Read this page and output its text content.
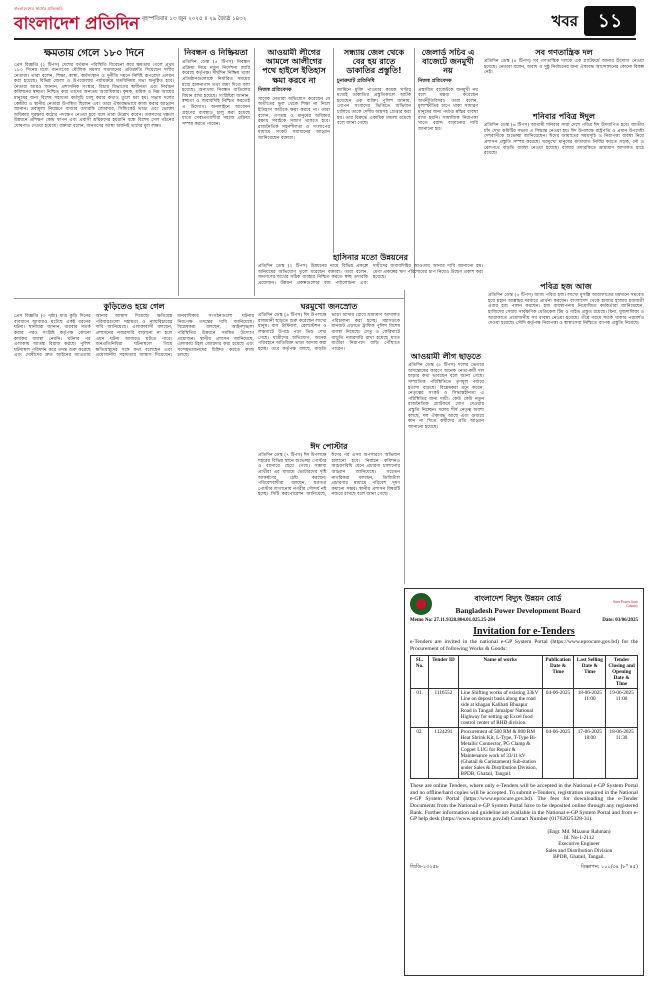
বাংলাদেশের স্বার্থের প্রতিচ্ছবি
বাংলাদেশ প্রতিদিন বৃহস্পতিবার ১৩ জুন ২০২৫ ॥ ২৯ জ্যৈষ্ঠ ১৪৩২	খবর	১১
ক্ষমতায় গেলে ১৮০ দিনে
প্রেস বিজ্ঞপ্তি (২ টিপস) দেশের বর্তমান পরিস্থিতি বিবেচনা করে ক্ষমতায় গেলে প্রথম ১৮০ দিনের মধ্যে জনগণের মৌলিক সমস্যা সমাধানের প্রতিশ্রুতি দিয়েছেন দলীয় নেতারা। তারা বলেন, শিক্ষা, স্বাস্থ্য, কর্মসংস্থান ও দুর্নীতি দমনে নির্দিষ্ট রূপরেখা প্রণয়ন করা হয়েছে। বিভিন্ন জেলা ও উপজেলায় পর্যায়ক্রমে মতবিনিময় সভা অনুষ্ঠিত হবে। নেতারা আরও জানান, প্রশাসনিক সংস্কার, বিচার বিভাগের স্বাধীনতা এবং নির্বাচন কমিশনের স্বচ্ছতা নিশ্চিত করা তাদের অন্যতম অগ্রাধিকার। কৃষক, শ্রমিক ও নিম্ন আয়ের মানুষের জন্য বিশেষ সহায়তা কর্মসূচি চালু করার কথাও তুলে ধরা হয়। সভায় দলের কেন্দ্রীয় ও স্থানীয় নেতারা উপস্থিত ছিলেন এবং তারা ঐক্যবদ্ধভাবে কাজ করার আহ্বান জানান। দ্রব্যমূল্য নিয়ন্ত্রণে বাজার তদারকি জোরদার, সিন্ডিকেট ভাঙা এবং ভোক্তা অধিকার সুরক্ষায় কঠোর পদক্ষেপ নেওয়া হবে বলে তারা উল্লেখ করেন। তরুণদের দক্ষতা উন্নয়নে প্রশিক্ষণ কেন্দ্র স্থাপন এবং প্রবাসী শ্রমিকদের হয়রানি বন্ধে বিশেষ সেল গঠনের ঘোষণাও দেওয়া হয়েছে। বক্তারা বলেন, জনগণের আস্থা অর্জনই তাদের মূল লক্ষ্য।
নিবন্ধন ও নিষ্ক্রিয়তা
প্রতিদিন ডেস্ক (৫ টিপস) নিবন্ধন প্রক্রিয়া নিয়ে নতুন নির্দেশনা জারি করেছে কর্তৃপক্ষ। দীর্ঘদিন নিষ্ক্রিয় থাকা প্রতিষ্ঠানগুলোকে নির্ধারিত সময়ের মধ্যে হালনাগাদ তথ্য জমা দিতে বলা হয়েছে। অন্যথায় নিবন্ধন বাতিলের বিধান রাখা হয়েছে। সংশ্লিষ্টরা জানান, স্বচ্ছতা ও জবাবদিহি নিশ্চিত করতেই এ উদ্যোগ। অনলাইনে আবেদন গ্রহণের ব্যবস্থাও চালু করা হয়েছে যাতে সেবাপ্রত্যাশীরা সহজে প্রক্রিয়া সম্পন্ন করতে পারেন।
আওয়ামী লীগের আমলে আলীগের পথে হাইলে ইতিহাস ক্ষমা করবে না
নিজস্ব প্রতিবেদক
সাবেক নেতারা অভিযোগ করেছেন যে অতীতের ভুল থেকে শিক্ষা না নিলে ইতিহাস কাউকে ক্ষমা করবে না। তারা বলেন, গণতন্ত্র ও মানুষের অধিকার রক্ষায় সবাইকে সজাগ থাকতে হবে। রাজনৈতিক সহনশীলতা ও সংলাপের মাধ্যমে সংকট সমাধানের আহ্বান জানিয়েছেন বক্তারা।
সন্ধ্যায় জেল থেকে বের হয় রাতে ডাকাতির প্রস্তুতি!
চুনারুঘাট প্রতিনিধি
জামিনে মুক্তি পাওয়ার কয়েক ঘণ্টার মধ্যেই ডাকাতির প্রস্তুতিকালে আটক হয়েছেন এক ব্যক্তি। পুলিশ জানায়, গোপন সংবাদের ভিত্তিতে অভিযান চালিয়ে তাকে দেশীয় অস্ত্রসহ গ্রেপ্তার করা হয়। তার বিরুদ্ধে একাধিক মামলা রয়েছে বলে জানা গেছে।
জেলার্ড সচিব এ বাজেটে জনমুখী নয়
নিজস্ব প্রতিবেদক
প্রস্তাবিত বাজেটকে জনমুখী নয় বলে মন্তব্য করেছেন অর্থনীতিবিদরা। তারা বলেন, মূল্যস্ফীতির চাপে থাকা সাধারণ মানুষের জন্য পর্যাপ্ত স্বস্তির ব্যবস্থা রাখা হয়নি। সামাজিক নিরাপত্তা খাতে বরাদ্দ বাড়ানোর দাবি জানানো হয়।
সব গণতান্ত্রিক দল
প্রতিদিন ডেস্ক (৪ টিপস) সব গণতান্ত্রিক দলকে এক প্ল্যাটফর্মে আনার উদ্যোগ নেওয়া হয়েছে। নেতারা বলেন, অবাধ ও সুষ্ঠু নির্বাচনের জন্য ঐক্যবদ্ধ আন্দোলনের কোনো বিকল্প নেই।
শনিবার পবিত্র ঈদুল
প্রতিদিন ডেস্ক (৬ টিপস) আগামী শনিবার সারা দেশে পবিত্র ঈদ উদযাপিত হবে। জাতীয় চাঁদ দেখা কমিটির সভায় এ সিদ্ধান্ত নেওয়া হয়। ঈদ উপলক্ষে রাষ্ট্রপতি ও প্রধান উপদেষ্টা দেশবাসীকে শুভেচ্ছা জানিয়েছেন। ঈদের জামাতের সময়সূচি ও নিরাপত্তা ব্যবস্থা নিয়ে প্রশাসন প্রস্তুতি সম্পন্ন করেছে। ঘরমুখো মানুষের যাতায়াত নির্বিঘ্ন করতে সড়ক, নৌ ও রেলপথে বাড়তি ব্যবস্থা নেওয়া হয়েছে। বাজার তদারকিতে ভ্রাম্যমাণ আদালত মাঠে রয়েছে।
হাসিনার মতো উন্নয়নের
প্রতিদিন ডেস্ক (২ টিপস) উন্নয়নের নামে বিভিন্ন প্রকল্পে অনিয়মের অভিযোগ তুলে ধরেছেন বক্তারা। তারা বলেন, জনগণের অর্থের সঠিক ব্যবহার নিশ্চিত করতে স্বচ্ছ তদারকি প্রয়োজন। উন্নয়ন প্রকল্পগুলোর ব্যয় পর্যালোচনা এবং দায়ীদের জবাবদিহির আওতায় আনার দাবি জানানো হয়। মেগা প্রকল্পের ঋণ পরিশোধের চাপ নিয়েও উদ্বেগ প্রকাশ করা হয়েছে।
পবিত্র হজ আজ
প্রতিদিন ডেস্ক (৫ টিপস) আজ পবিত্র হজ। লাখো মুসল্লি আরাফাতের ময়দানে সমবেত হয়ে মহান আল্লাহর দরবারে প্রার্থনা করবেন। বাংলাদেশ থেকে হাজার হাজার হজযাত্রী এবার হজ পালন করছেন। হজ ব্যবস্থাপনায় নিয়োজিত কর্মকর্তারা জানিয়েছেন, হাজিদের সেবায় সার্বক্ষণিক মেডিকেল টিম ও গাইড প্রস্তুত রয়েছে। মিনা, মুজদালিফা ও আরাফাতে প্রয়োজনীয় সব ব্যবস্থা নেওয়া হয়েছে। তীব্র গরমে সতর্ক থাকার পরামর্শও দেওয়া হয়েছে। সৌদি কর্তৃপক্ষ নিরাপত্তা ও স্বাস্থ্যসেবা নিশ্চিতে ব্যাপক প্রস্তুতি নিয়েছে।
কুড়িতেও হয়ে গেল
প্রেস বিজ্ঞপ্তি (৩ পৃষ্ঠা) মাত্র কুড়ি দিনের ব্যবধানে আবারও ঘটেছে একই ধরনের ঘটনা। স্থানীয়রা জানান, বারবার সতর্ক করার পরও সংশ্লিষ্ট কর্তৃপক্ষ কোনো কার্যকর ব্যবস্থা নেয়নি। ঘটনার পর এলাকায় আতঙ্ক বিরাজ করছে। পুলিশ ঘটনাস্থল পরিদর্শন করে তদন্ত শুরু করেছে এবং দোষীদের দ্রুত আইনের আওতায় আনার আশ্বাস দিয়েছে। ক্ষতিগ্রস্ত পরিবারগুলো সহায়তা ও ন্যায়বিচারের দাবি জানিয়েছে। এলাকাবাসী বলছেন, প্রশাসনের নজরদারি বাড়ানো না হলে এমন ঘটনা আবারও ঘটতে পারে। জনপ্রতিনিধিরা ঘটনাস্থলে গিয়ে ক্ষতিগ্রস্তদের সঙ্গে কথা বলেছেন এবং প্রয়োজনীয় সহায়তার আশ্বাস দিয়েছেন। মানবাধিকার সংগঠনগুলো ঘটনার নিরপেক্ষ তদন্তের দাবি জানিয়েছে। বিশ্লেষকরা বলছেন, আইনশৃঙ্খলা পরিস্থিতির উন্নয়নে সমন্বিত উদ্যোগ প্রয়োজন। স্থানীয় প্রশাসন জানিয়েছে, এলাকায় টহল জোরদার করা হয়েছে এবং সন্দেহভাজনদের চিহ্নিত করতে কাজ চলছে।
ঘরমুখো জনস্রোত
প্রতিদিন ডেস্ক (৪ টিপস) ঈদ উপলক্ষে রাজধানী ছাড়তে শুরু করেছেন লাখো মানুষ। বাস টার্মিনাল, রেলস্টেশন ও লঞ্চঘাটে উপচে পড়া ভিড় দেখা গেছে। যাত্রীদের অভিযোগ, অনেক পরিবহনে অতিরিক্ত ভাড়া আদায় করা হচ্ছে। তবে কর্তৃপক্ষ বলছে, বাড়তি ভাড়া আদায় রোধে ভ্রাম্যমাণ আদালত পরিচালনা করা হচ্ছে। মহাসড়কে যানজট এড়াতে ট্রাফিক পুলিশ বিশেষ ব্যবস্থা নিয়েছে। সেতু ও ফেরিঘাটে বাড়তি নজরদারি রাখা হয়েছে যাতে যাত্রীরা নিরাপদে বাড়ি পৌঁছাতে পারেন।
আওয়ামী লীগ ছাড়তে
প্রতিদিন ডেস্ক (৫ টিপস) দলের ভেতরে অসন্তোষের কারণে অনেক নেতা-কর্মী দল ছাড়ার কথা ভাবছেন বলে জানা গেছে। সাম্প্রতিক পরিস্থিতিতে তৃণমূল পর্যায়ে হতাশা বাড়ছে। বিশ্লেষকরা মনে করেন, নেতৃত্বের সংকট ও সিদ্ধান্তহীনতা এ পরিস্থিতির জন্য দায়ী। কেউ কেউ নতুন রাজনৈতিক প্ল্যাটফর্মে যোগ দেওয়ার প্রস্তুতি নিচ্ছেন। দলের শীর্ষ নেতৃত্ব অবশ্য বলছে, দল ঐক্যবদ্ধ আছে এবং গুজবে কান না দিতে কর্মীদের প্রতি আহ্বান জানানো হয়েছে।
ঈদ পোস্টার
প্রতিদিন ডেস্ক (৭ টিপস) ঈদ উপলক্ষে শহরের বিভিন্ন স্থানে শুভেচ্ছা পোস্টার ও ব্যানারে ছেয়ে গেছে। সম্ভাব্য প্রার্থীরা এর মাধ্যমে ভোটারদের দৃষ্টি আকর্ষণের চেষ্টা করছেন। পরিবেশবাদীরা বলছেন, যত্রতত্র পোস্টার লাগানোয় নগরীর সৌন্দর্য নষ্ট হচ্ছে। সিটি করপোরেশন জানিয়েছে, ঈদের পর এসব অপসারণে অভিযান চালানো হবে। নির্বাচন কমিশনও আচরণবিধি মেনে প্রচারণা চালানোর আহ্বান জানিয়েছে। সচেতন নাগরিকরা বলছেন, ডিজিটাল প্রচারণার মাধ্যমে পরিবেশ দূষণ কমানো সম্ভব। স্থানীয় প্রশাসন বিষয়টি নজরে রাখছে বলে জানা গেছে।
বাংলাদেশ বিদ্যুৎ উন্নয়ন বোর্ড
Bangladesh Power Development Board
Save Power Save Country
Memo No: 27.11.9328.804.01.025.25-284	Date: 03/06/2025
Invitation for e-Tenders
e-Tenders are invited in the national e-GP System Portal (https://www.eprocure.gov.bd) for the Procurement of following Works & Goods:
SL. No.	Tender ID	Name of works	Publication Date & Time	Last Selling Date & Time	Tender Closing and Opening Date & Time
01.	1116552	Line Shifting works of existing 33kV Line on deposit basis along the road side at khagan Kalihati Bhuapur Road in Tangail Jamalpur National Highway for setting up Excel food control center of RHD division.	04-06-2025	18-06-2025 11:00	19-06-2025 11:00
02.	1124291	Procurement of 500 RM & 800 RM Heat Shrink Kit, L-Type, T-Type Bi-Metallic Connector, PG Clamp & Copper LUG for Repair & Maintenance work of 33/11 kV (Ghatail & Caristament) Sub-station under Sales & Distribution Division, BPDB, Ghatail, Tangail.	04-06-2025	17-06-2025 18:00	18-06-2025 11:30
These are online Tenders, where only e-Tenders will be accepted in the National e-GP System Portal and no offline/hard copies will be accepted. To submit e-Tenders, registration required in the National e-GP System Portal (https://www.eprocure.gov.bd). The fees for downloading the e-Tender Documents from the National e-GP System Portal have to be deposited online through any registered Bank. Further information and guideline are available in the National e-GP System Portal and from e-GP help desk (https://www.eprocure.gov.bd) Contact Number (01762025328-31).
(Engr. Md. Mizanur Rahman)
Id. No-1-2112
Executive Engineer
Sales and Distribution Division
BPDB, Ghatail, Tangail.
জিডি-১৩২৫৮	বিজ্ঞাপন: ১০০/৩৪ (৮" ৪৫)
